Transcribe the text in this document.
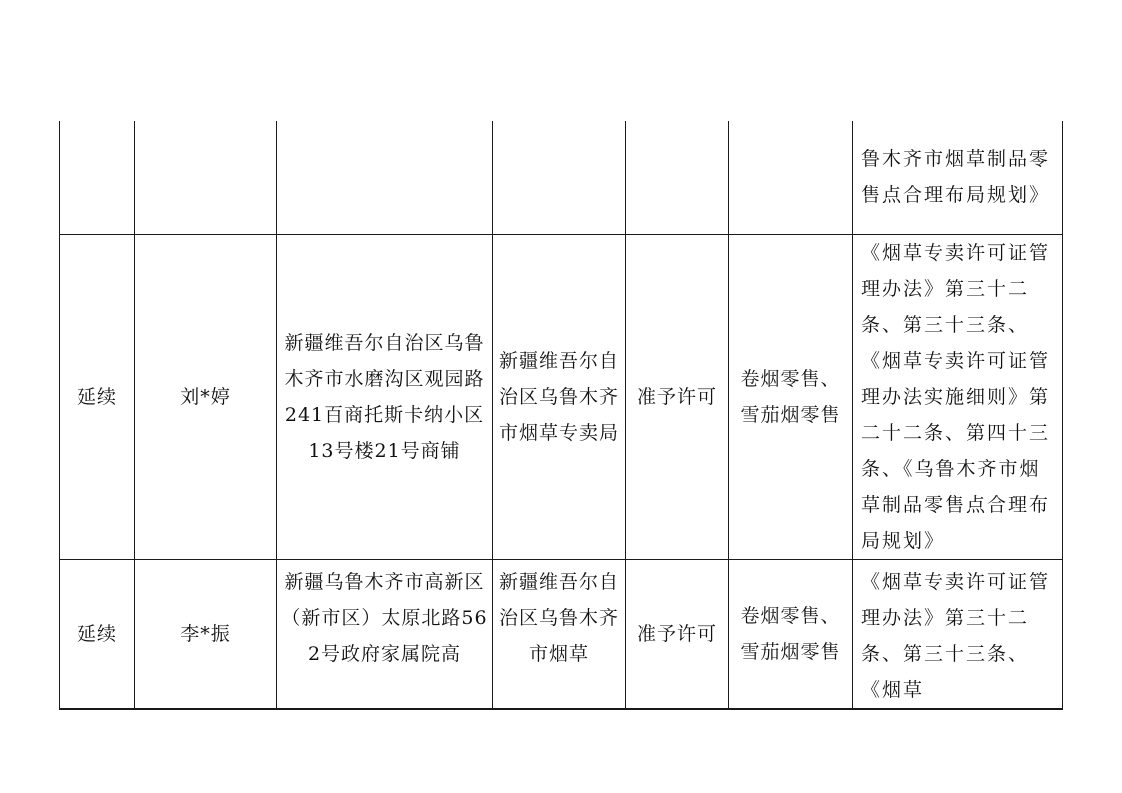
						鲁木齐市烟草制品零售点合理布局规划》
延续	刘*婷	新疆维吾尔自治区乌鲁木齐市水磨沟区观园路241百商托斯卡纳小区13号楼21号商铺	新疆维吾尔自治区乌鲁木齐市烟草专卖局	准予许可	卷烟零售、雪茄烟零售	《烟草专卖许可证管理办法》第三十二条、第三十三条、《烟草专卖许可证管理办法实施细则》第二十二条、第四十三条、《乌鲁木齐市烟草制品零售点合理布局规划》
延续	李*振	新疆乌鲁木齐市高新区（新市区）太原北路562号政府家属院高	新疆维吾尔自治区乌鲁木齐市烟草	准予许可	卷烟零售、雪茄烟零售	《烟草专卖许可证管理办法》第三十二条、第三十三条、《烟草
